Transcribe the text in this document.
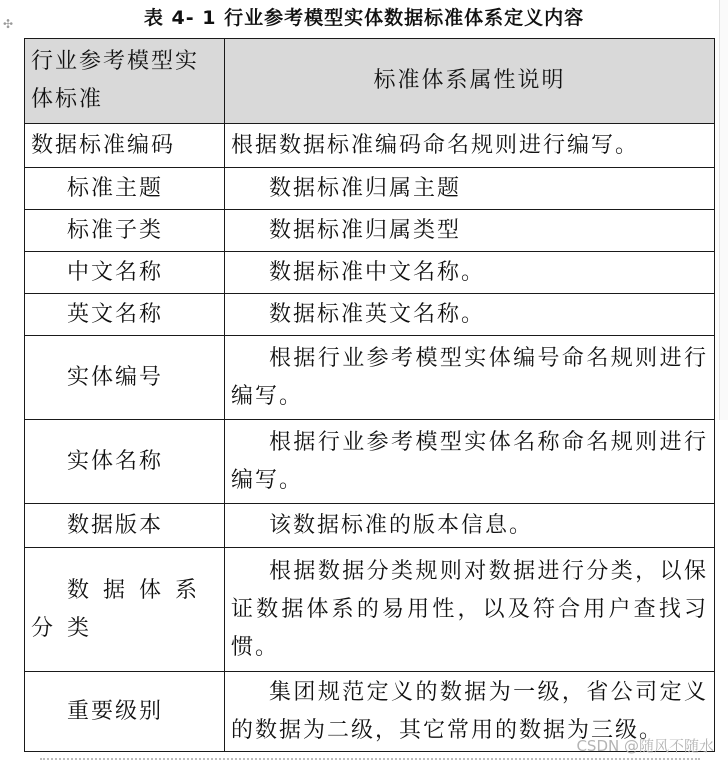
✣	表 4- 1 行业参考模型实体数据标准体系定义内容
行业参考模型实体标准	标准体系属性说明
数据标准编码	根据数据标准编码命名规则进行编写。
标准主题	数据标准归属主题
标准子类	数据标准归属类型
中文名称	数据标准中文名称。
英文名称	数据标准英文名称。
实体编号	根据行业参考模型实体编号命名规则进行编写。
实体名称	根据行业参考模型实体名称命名规则进行编写。
数据版本	该数据标准的版本信息。
数据体系分类	根据数据分类规则对数据进行分类，以保证数据体系的易用性，以及符合用户查找习惯。
重要级别	集团规范定义的数据为一级，省公司定义的数据为二级，其它常用的数据为三级。
CSDN @随风不随水
